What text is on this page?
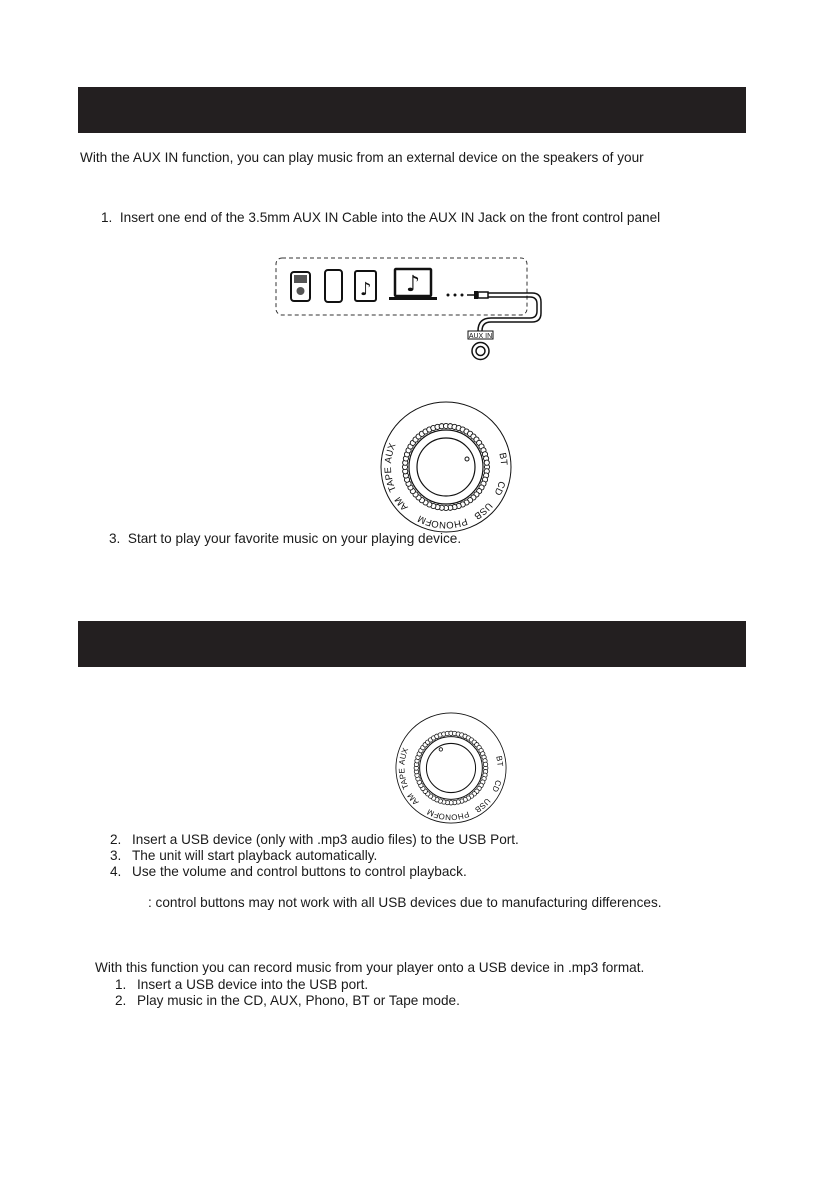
With the AUX IN function, you can play music from an external device on the speakers of your
1. Insert one end of the 3.5mm AUX IN Cable into the AUX IN Jack on the front control panel
♪ ♪
AUX IN
BT
CD
USB
PHONO
FM
AM
TAPE
AUX
3. Start to play your favorite music on your playing device.
BT
CD
USB
PHONO
FM
AM
TAPE
AUX
2. Insert a USB device (only with .mp3 audio files) to the USB Port.
3. The unit will start playback automatically.
4. Use the volume and control buttons to control playback.
: control buttons may not work with all USB devices due to manufacturing differences.
With this function you can record music from your player onto a USB device in .mp3 format.
1. Insert a USB device into the USB port.
2. Play music in the CD, AUX, Phono, BT or Tape mode.
